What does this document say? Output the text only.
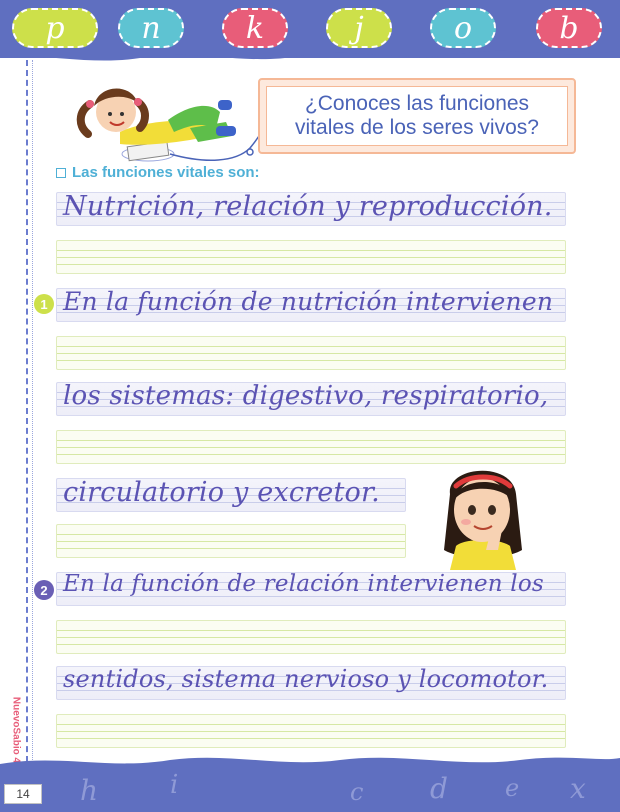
p	n	k	j	o	b
¿Conoces las funciones
vitales de los seres vivos?
Las funciones vitales son:
Nutrición, relación y reproducción.
1 En la función de nutrición intervienen
los sistemas: digestivo, respiratorio,
circulatorio y excretor.
2 En la función de relación intervienen los
sentidos, sistema nervioso y locomotor.
NuevoSabio 4
h	i	c d e x
14
